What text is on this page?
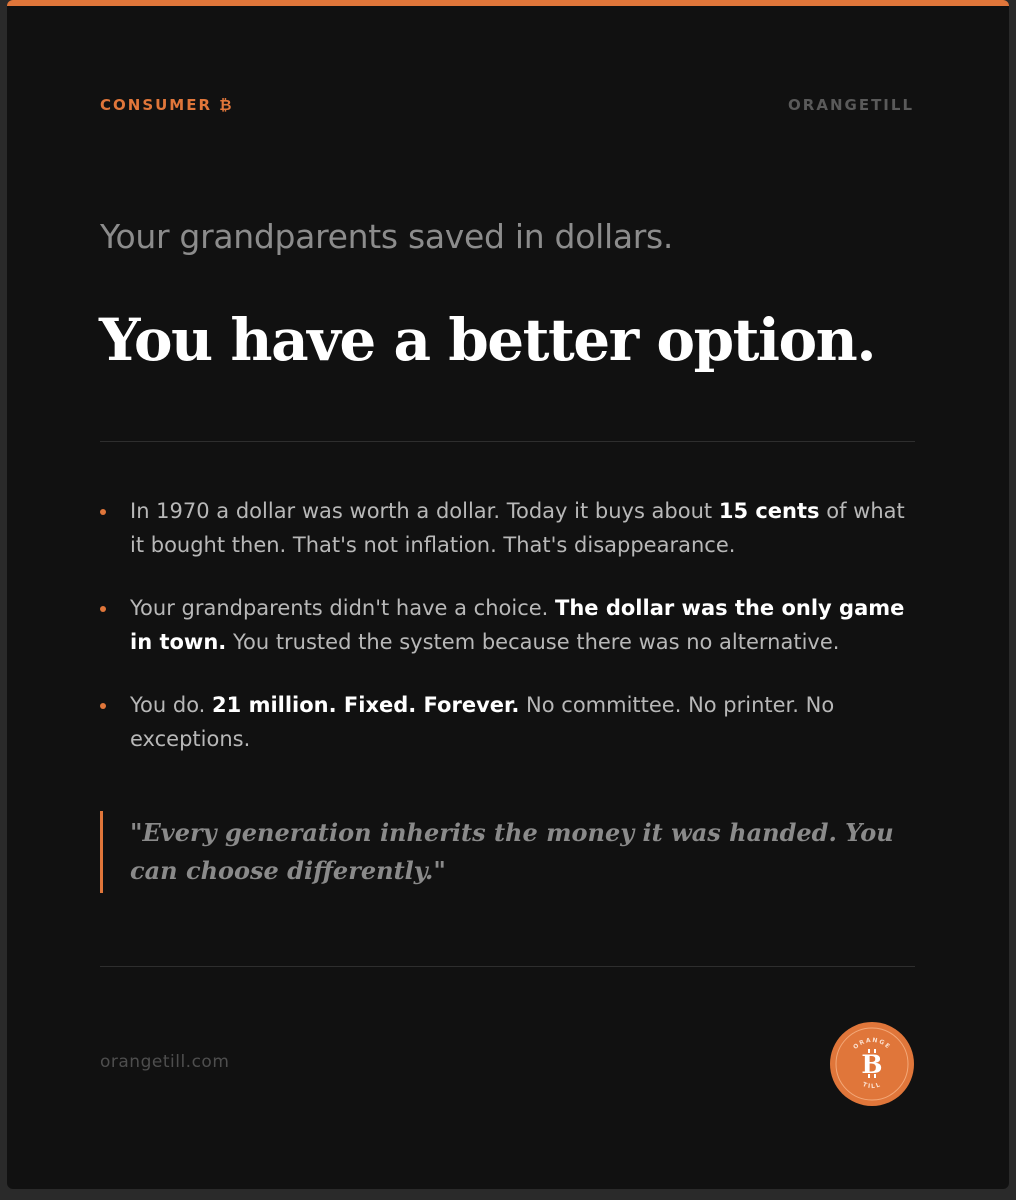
CONSUMER ₿	ORANGETILL
Your grandparents saved in dollars.
You have a better option.
In 1970 a dollar was worth a dollar. Today it buys about 15 cents of what it bought then. That's not inflation. That's disappearance.
Your grandparents didn't have a choice. The dollar was the only game in town. You trusted the system because there was no alternative.
You do. 21 million. Fixed. Forever. No committee. No printer. No exceptions.
"Every generation inherits the money it was handed. You can choose differently."
orangetill.com
ORANGE
TILL
B
